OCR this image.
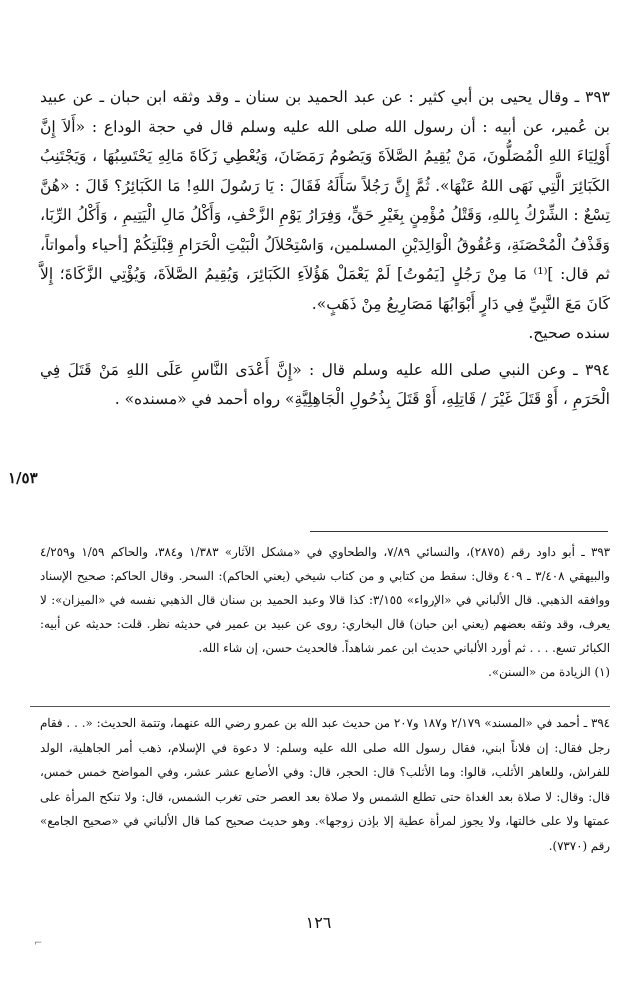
٣٩٣ ـ وقال يحيى بن أبي كثير : عن عبد الحميد بن سنان ـ وقد وثقه ابن حبان ـ عن عبيد بن عُمير، عن أبيه : أن رسول الله صلى الله عليه وسلم قال في حجة الوداع : «أَلاَ إِنَّ أَوْلِيَاءَ اللهِ الْمُصَلُّونَ، مَنْ يُقِيمُ الصَّلاَةَ وَيَصُومُ رَمَضَانَ، وَيُعْطِي زَكَاةَ مَالِهِ يَحْتَسِبُهَا ، وَيَجْتَنِبُ الكَبَائِرَ الَّتِي نَهَى اللهُ عَنْهَا». ثُمَّ إِنَّ رَجُلاً سَأَلَهُ فَقَالَ : يَا رَسُولَ اللهِ! مَا الكَبَائِرُ؟ قَالَ : «هُنَّ تِسْعٌ : الشِّرْكُ بِاللهِ، وَقَتْلُ مُؤْمِنٍ بِغَيْرِ حَقٍّ، وَفِرَارُ يَوْمِ الزَّحْفِ، وَأَكْلُ مَالِ الْيَتِيمِ ، وَأَكْلُ الرِّبَا، وَقَذْفُ الْمُحْصَنَةِ، وَعُقُوقُ الْوَالِدَيْنِ المسلمين، وَاسْتِحْلاَلُ الْبَيْتِ الْحَرَامِ قِبْلَتِكُمْ [أحياء وأمواتاً، ثم قال: ]⁽¹⁾ مَا مِنْ رَجُلٍ [يَمُوتُ] لَمْ يَعْمَلْ هَؤُلاَءِ الكَبَائِرَ، وَيُقِيمُ الصَّلاَةَ، وَيُؤْتِي الزَّكَاةَ؛ إِلاَّ كَانَ مَعَ النَّبِيِّ فِي دَارٍ أَبْوَابُهَا مَصَارِيعُ مِنْ ذَهَبٍ».

سنده صحيح.

٣٩٤ ـ وعن النبي صلى الله عليه وسلم قال : «إِنَّ أَعْدَى النَّاسِ عَلَى اللهِ مَنْ قَتَلَ فِي الْحَرَمِ ، أَوْ قَتَلَ غَيْرَ / قَاتِلِهِ، أَوْ قَتَلَ بِذُحُولِ الْجَاهِلِيَّةِ» رواه أحمد في «مسنده» .

١/٥٣

٣٩٣ ـ أبو داود رقم (٢٨٧٥)، والنسائي ٧/٨٩، والطحاوي في «مشكل الآثار» ١/٣٨٣ و٣٨٤، والحاكم ١/٥٩ و٤/٢٥٩ والبيهقي ٣/٤٠٨ ـ ٤٠٩ وقال: سقط من كتابي و من كتاب شيخي (يعني الحاكم): السحر. وقال الحاكم: صحيح الإسناد ووافقه الذهبي. قال الألباني في «الإرواء» ٣/١٥٥: كذا قالا وعبد الحميد بن سنان قال الذهبي نفسه في «الميزان»: لا يعرف، وقد وثقه بعضهم (يعني ابن حبان) قال البخاري: روى عن عبيد بن عمير في حديثه نظر. قلت: حديثه عن أبيه: الكبائر تسع. . . . ثم أورد الألباني حديث ابن عمر شاهداً. فالحديث حسن، إن شاء الله.

(١) الزيادة من «السنن».

٣٩٤ ـ أحمد في «المسند» ٢/١٧٩ و١٨٧ و٢٠٧ من حديث عبد الله بن عمرو رضي الله عنهما، وتتمة الحديث: «. . . فقام رجل فقال: إن فلاناً ابني، فقال رسول الله صلى الله عليه وسلم: لا دعوة في الإسلام، ذهب أمر الجاهلية، الولد للفراش، وللعاهر الأثلب، قالوا: وما الأثلب؟ قال: الحجر، قال: وفي الأصابع عشر عشر، وفي المواضح خمس خمس، قال: وقال: لا صلاة بعد الغداة حتى تطلع الشمس ولا صلاة بعد العصر حتى تغرب الشمس، قال: ولا تنكح المرأة على عمتها ولا على خالتها، ولا يجوز لمرأة عطية إلا بإذن زوجها». وهو حديث صحيح كما قال الألباني في «صحيح الجامع» رقم (٧٣٧٠).

١٢٦
⌐
